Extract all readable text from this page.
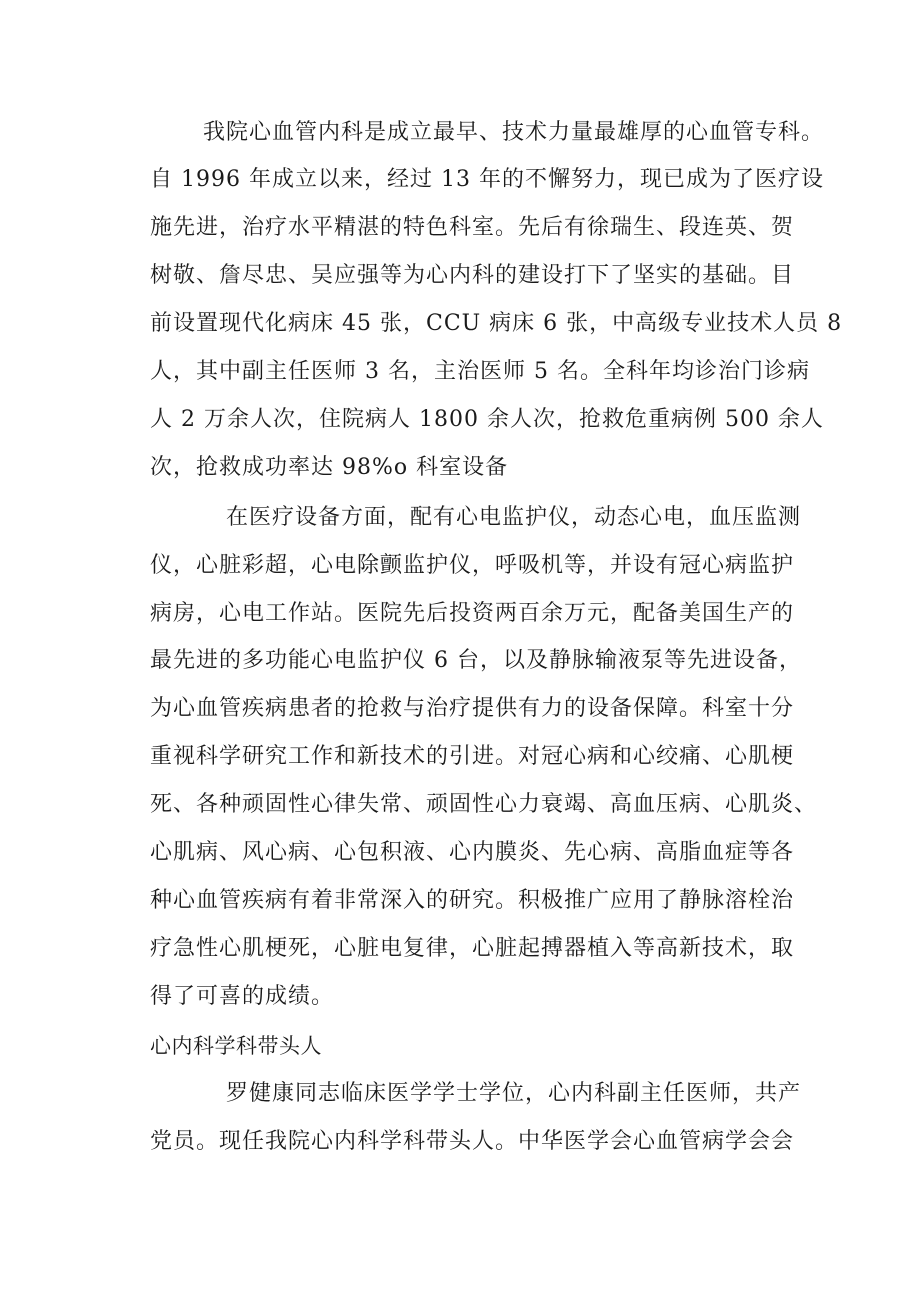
我院心血管内科是成立最早、技术力量最雄厚的心血管专科。
自 1996 年成立以来，经过 13 年的不懈努力，现已成为了医疗设
施先进，治疗水平精湛的特色科室。先后有徐瑞生、段连英、贺
树敬、詹尽忠、吴应强等为心内科的建设打下了坚实的基础。目
前设置现代化病床 45 张，CCU 病床 6 张，中高级专业技术人员 8
人，其中副主任医师 3 名，主治医师 5 名。全科年均诊治门诊病
人 2 万余人次，住院病人 1800 余人次，抢救危重病例 500 余人
次，抢救成功率达 98%o 科室设备
在医疗设备方面，配有心电监护仪，动态心电，血压监测
仪，心脏彩超，心电除颤监护仪，呼吸机等，并设有冠心病监护
病房，心电工作站。医院先后投资两百余万元，配备美国生产的
最先进的多功能心电监护仪 6 台，以及静脉输液泵等先进设备，
为心血管疾病患者的抢救与治疗提供有力的设备保障。科室十分
重视科学研究工作和新技术的引进。对冠心病和心绞痛、心肌梗
死、各种顽固性心律失常、顽固性心力衰竭、高血压病、心肌炎、
心肌病、风心病、心包积液、心内膜炎、先心病、高脂血症等各
种心血管疾病有着非常深入的研究。积极推广应用了静脉溶栓治
疗急性心肌梗死，心脏电复律，心脏起搏器植入等高新技术，取
得了可喜的成绩。
心内科学科带头人
罗健康同志临床医学学士学位，心内科副主任医师，共产
党员。现任我院心内科学科带头人。中华医学会心血管病学会会
